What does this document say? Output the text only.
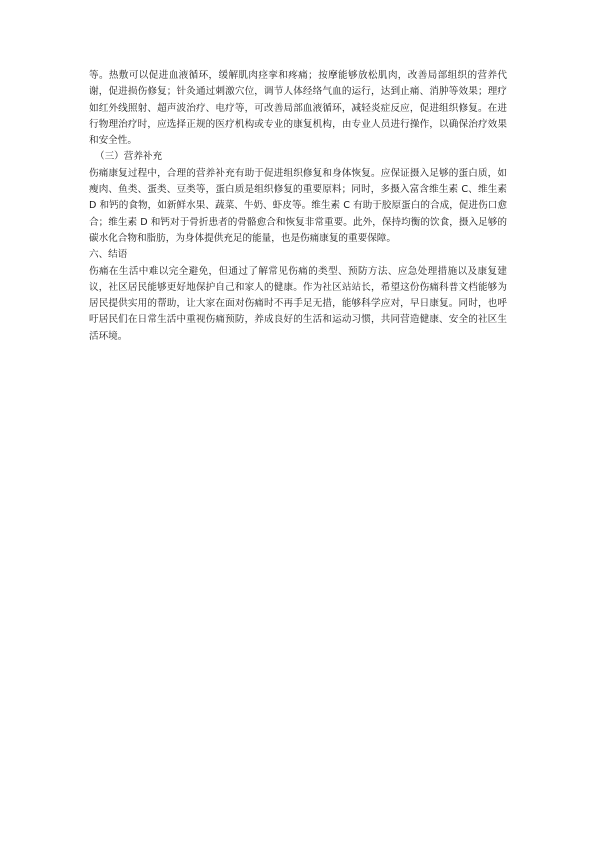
等。热敷可以促进血液循环，缓解肌肉痉挛和疼痛；按摩能够放松肌肉，改善局部组织的营养代谢，促进损伤修复；针灸通过刺激穴位，调节人体经络气血的运行，达到止痛、消肿等效果；理疗如红外线照射、超声波治疗、电疗等，可改善局部血液循环，减轻炎症反应，促进组织修复。在进行物理治疗时，应选择正规的医疗机构或专业的康复机构，由专业人员进行操作，以确保治疗效果和安全性。

（三）营养补充

伤痛康复过程中，合理的营养补充有助于促进组织修复和身体恢复。应保证摄入足够的蛋白质，如瘦肉、鱼类、蛋类、豆类等，蛋白质是组织修复的重要原料；同时，多摄入富含维生素 C、维生素 D 和钙的食物，如新鲜水果、蔬菜、牛奶、虾皮等。维生素 C 有助于胶原蛋白的合成，促进伤口愈合；维生素 D 和钙对于骨折患者的骨骼愈合和恢复非常重要。此外，保持均衡的饮食，摄入足够的碳水化合物和脂肪，为身体提供充足的能量，也是伤痛康复的重要保障。

六、结语

伤痛在生活中难以完全避免，但通过了解常见伤痛的类型、预防方法、应急处理措施以及康复建议，社区居民能够更好地保护自己和家人的健康。作为社区站站长，希望这份伤痛科普文档能够为居民提供实用的帮助，让大家在面对伤痛时不再手足无措，能够科学应对，早日康复。同时，也呼吁居民们在日常生活中重视伤痛预防，养成良好的生活和运动习惯，共同营造健康、安全的社区生活环境。
